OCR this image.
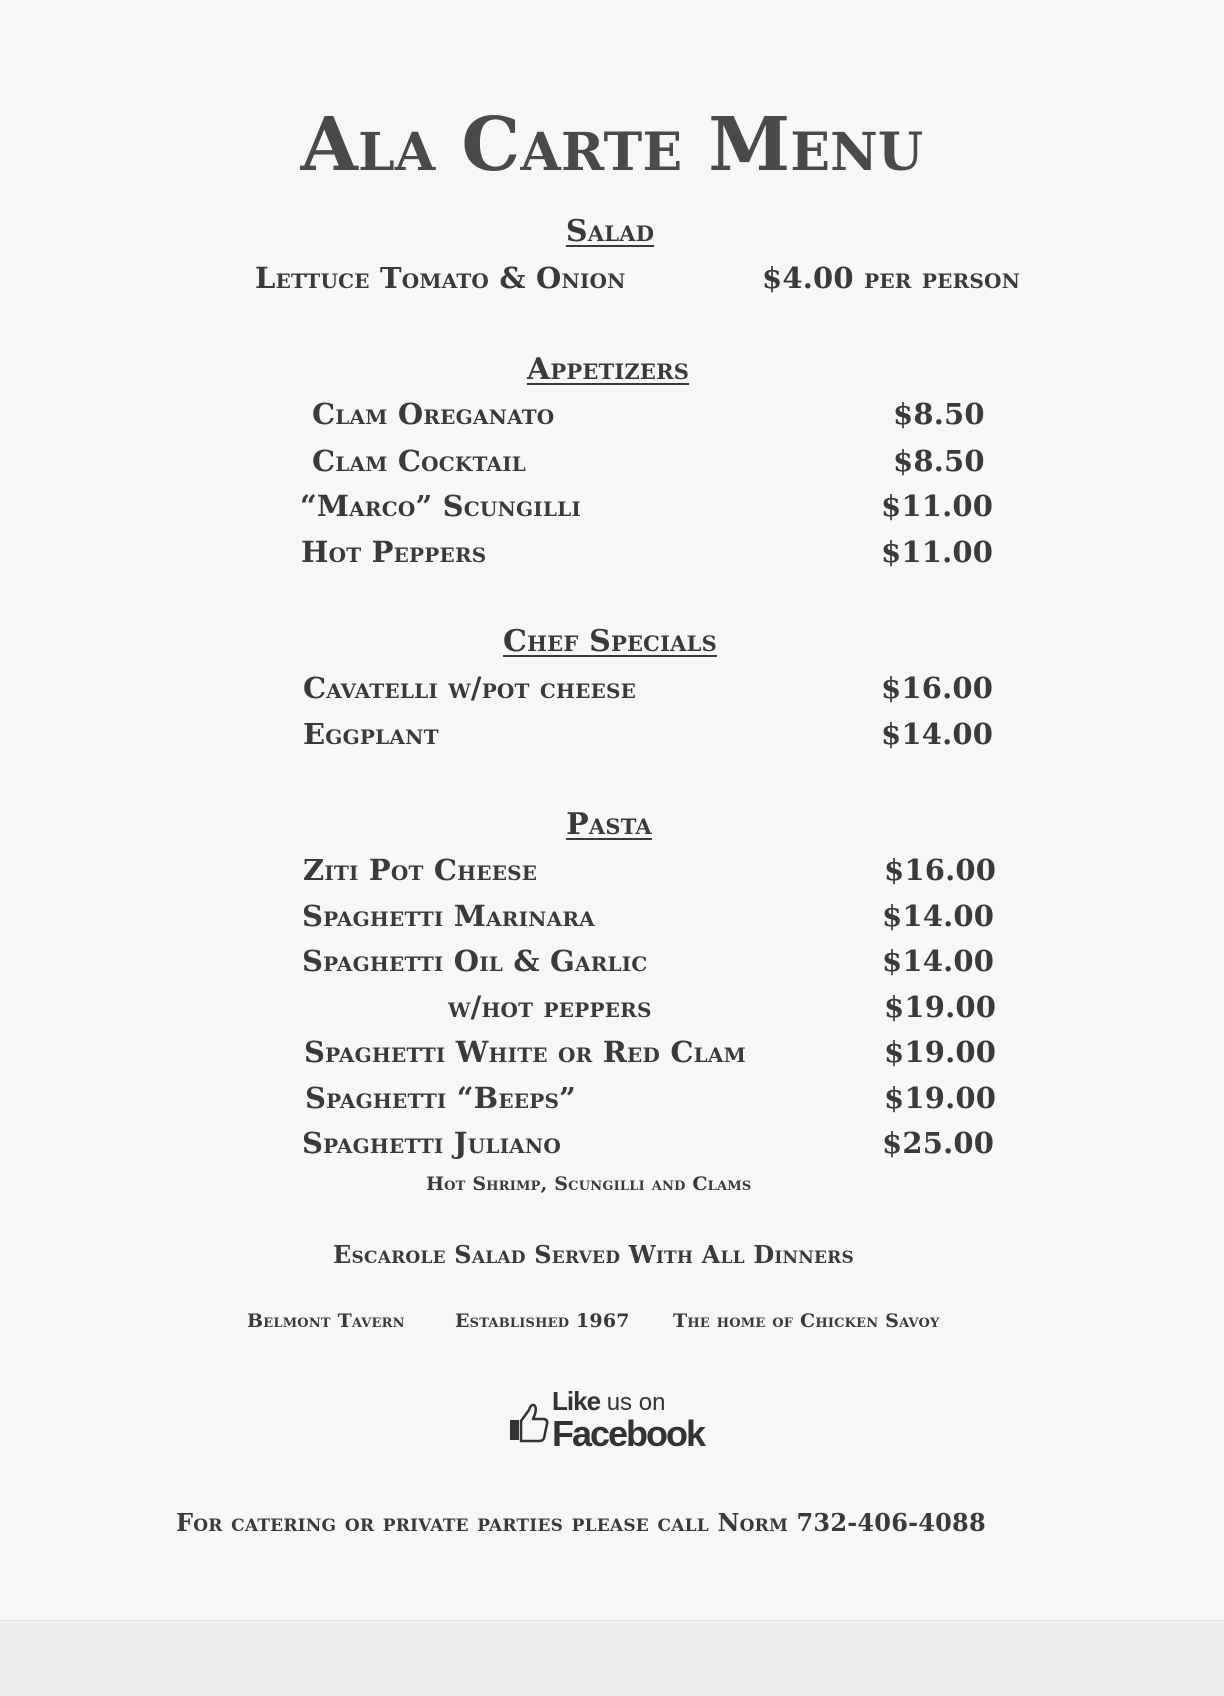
Ala Carte Menu
Salad
Lettuce Tomato & Onion	$4.00 per person
Appetizers
Clam Oreganato	$8.50
Clam Cocktail	$8.50
“Marco” Scungilli	$11.00
Hot Peppers	$11.00
Chef Specials
Cavatelli w/pot cheese	$16.00
Eggplant	$14.00
Pasta
Ziti Pot Cheese	$16.00
Spaghetti Marinara	$14.00
Spaghetti Oil & Garlic	$14.00
w/hot peppers	$19.00
Spaghetti White or Red Clam	$19.00
Spaghetti “Beeps”	$19.00
Spaghetti Juliano	$25.00
Hot Shrimp, Scungilli and Clams
Escarole Salad Served With All Dinners
Belmont Tavern	Established 1967 The home of Chicken Savoy
Like us on
Facebook
For catering or private parties please call Norm 732-406-4088
